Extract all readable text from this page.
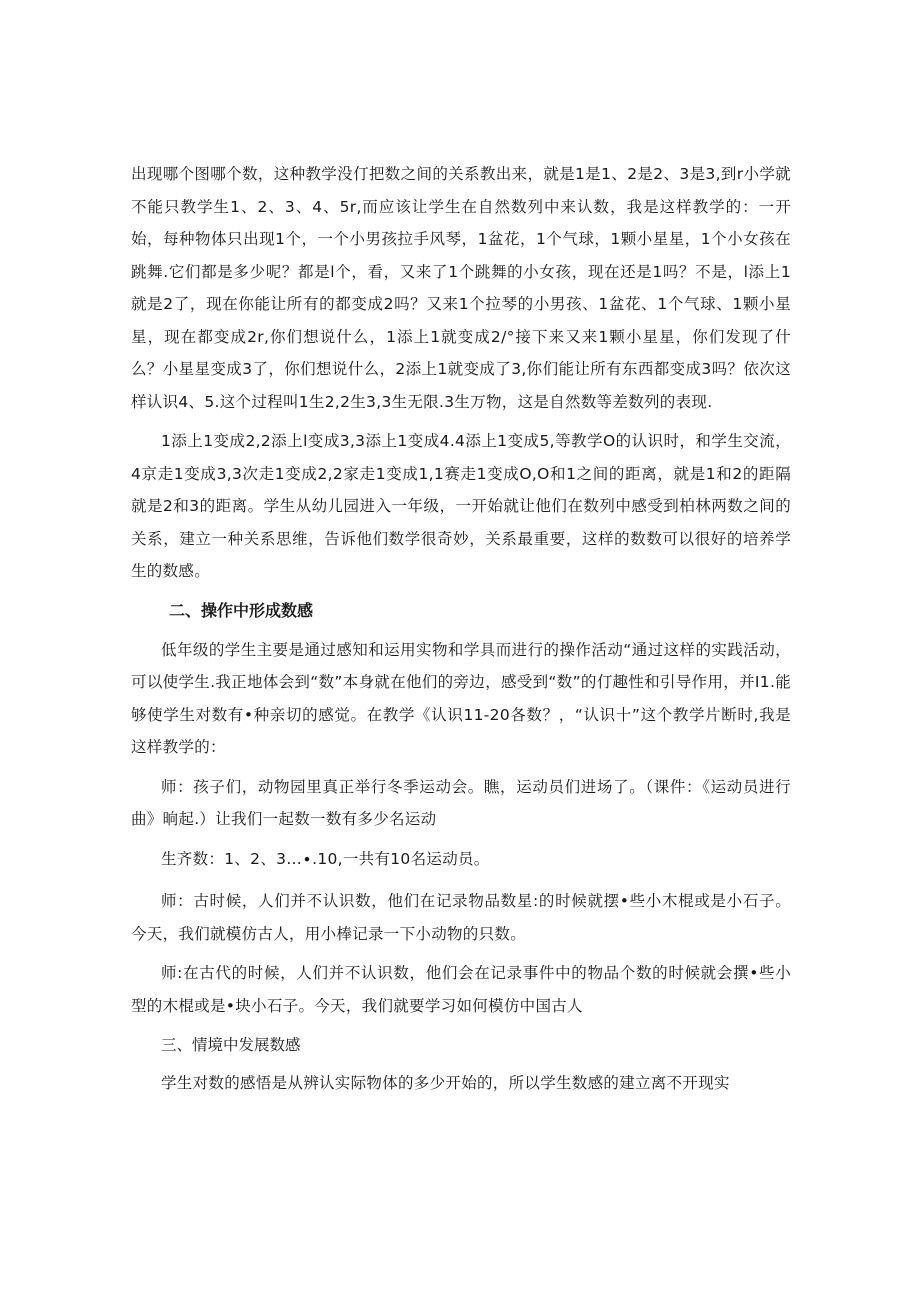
出现哪个图哪个数，这种教学没仃把数之间的关系教出来，就是1是1、2是2、3是3,到r小学就不能只教学生1、2、3、4、5r,而应该让学生在自然数列中来认数，我是这样教学的：一开始，每种物体只出现1个，一个小男孩拉手风琴，1盆花，1个气球，1颗小星星，1个小女孩在跳舞.它们都是多少呢？都是l个，看，又来了1个跳舞的小女孩，现在还是1吗？不是，l添上1就是2了，现在你能让所有的都变成2吗？又来1个拉琴的小男孩、1盆花、1个气球、1颗小星星，现在都变成2r,你们想说什么，1添上1就变成2/°接下来又来1颗小星星，你们发现了什么？小星星变成3了，你们想说什么，2添上1就变成了3,你们能让所有东西都变成3吗？依次这样认识4、5.这个过程叫1生2,2生3,3生无限.3生万物，这是自然数等差数列的表现.

1添上1变成2,2添上l变成3,3添上1变成4.4添上1变成5,等教学O的认识时，和学生交流，4京走1变成3,3次走1变成2,2家走1变成1,1赛走1变成O,O和1之间的距离，就是1和2的距隔就是2和3的距离。学生从幼儿园进入一年级，一开始就让他们在数列中感受到柏林两数之间的关系，建立一种关系思维，告诉他们数学很奇妙，关系最重要，这样的数数可以很好的培养学生的数感。

二、操作中形成数感

低年级的学生主要是通过感知和运用实物和学具而进行的操作活动“通过这样的实践活动，可以使学生.我正地体会到“数”本身就在他们的旁边，感受到“数”的仃趣性和引导作用，并I1.能够使学生对数有•种亲切的感觉。在教学《认识11-20各数？，“认识十”这个教学片断时,我是这样教学的：

师：孩子们，动物园里真正举行冬季运动会。瞧，运动员们进场了。（课件：《运动员进行曲》晌起.）让我们一起数一数有多少名运动

生齐数：1、2、3…∙.10,一共有10名运动员。

师：古时候，人们并不认识数，他们在记录物品数星:的时候就摆•些小木棍或是小石子。今天，我们就模仿古人，用小棒记录一下小动物的只数。

师:在古代的时候，人们并不认识数，他们会在记录事件中的物品个数的时候就会撰•些小型的木棍或是•块小石子。今天，我们就要学习如何模仿中国古人

三、情境中发展数感

学生对数的感悟是从辨认实际物体的多少开始的，所以学生数感的建立离不开现实
